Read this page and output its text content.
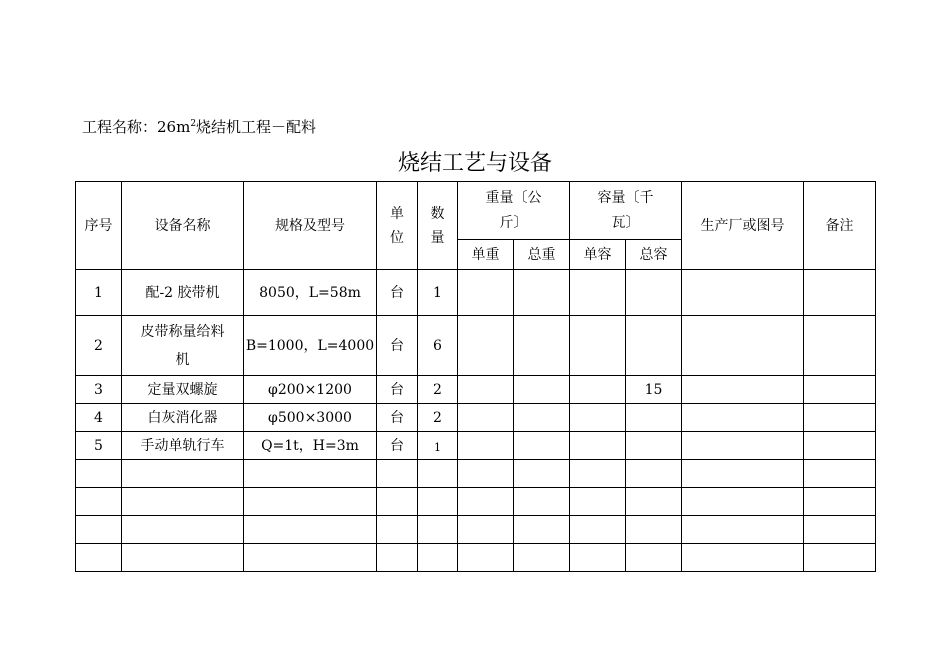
工程名称：$26m^2$烧结机工程－配料
烧结工艺与设备
序号	设备名称	规格及型号	单位	数量	重量〔公斤〕		容量〔千瓦〕		生产厂或图号	备注
					单重	总重	单容	总容		
1	配-2 胶带机	8050，L=58m	台	1						
2	皮带称量给料机	B=1000，L=4000	台	6						
3	定量双螺旋	φ200×1200	台	2				15		
4	白灰消化器	φ500×3000	台	2						
5	手动单轨行车	Q=1t，H=3m	台	1						
